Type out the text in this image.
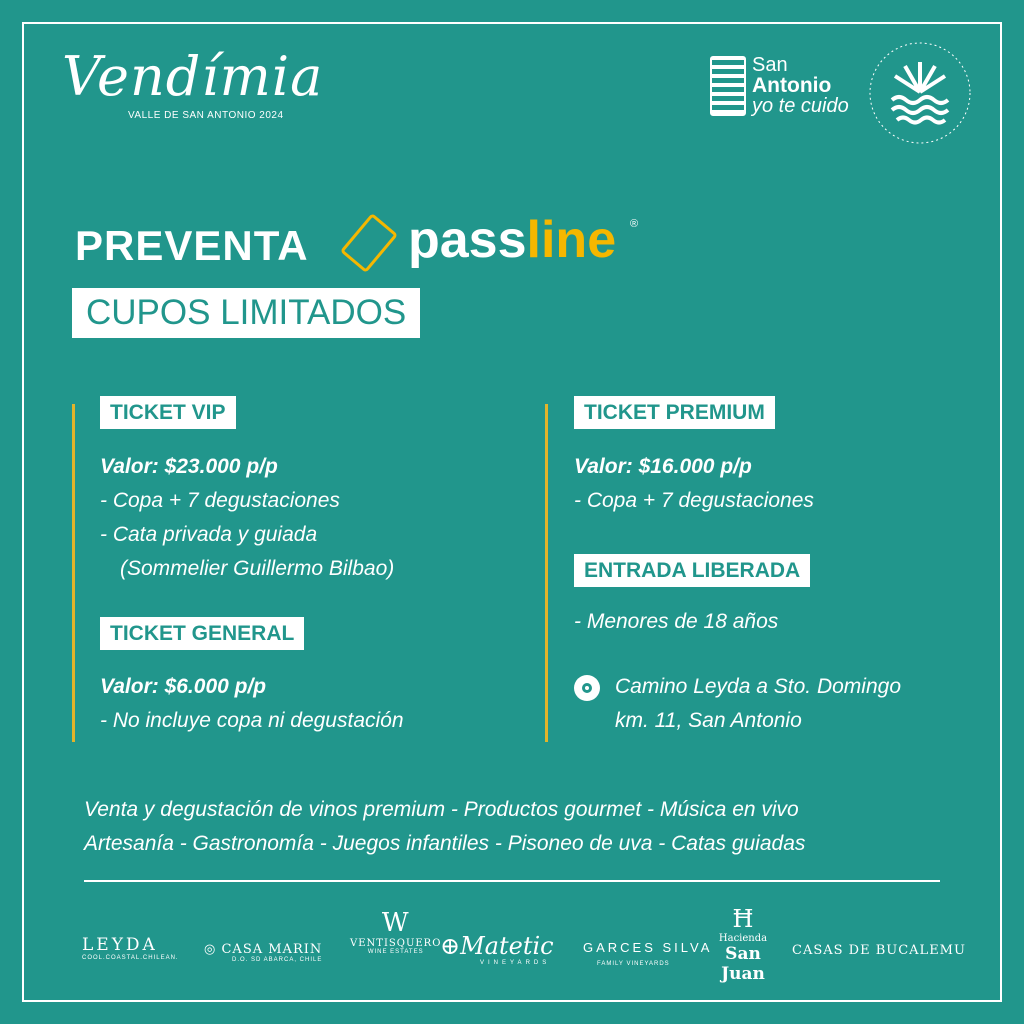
Vendímia
VALLE DE SAN ANTONIO 2024
San
Antonio
yo te cuido
PREVENTA passline ®
CUPOS LIMITADOS
TICKET VIP
Valor: $23.000 p/p
- Copa + 7 degustaciones
- Cata privada y guiada
(Sommelier Guillermo Bilbao)
TICKET GENERAL
Valor: $6.000 p/p
- No incluye copa ni degustación
TICKET PREMIUM
Valor: $16.000 p/p
- Copa + 7 degustaciones
ENTRADA LIBERADA
- Menores de 18 años
Camino Leyda a Sto. Domingo
km. 11, San Antonio
Venta y degustación de vinos premium - Productos gourmet - Música en vivo
Artesanía - Gastronomía - Juegos infantiles - Pisoneo de uva - Catas guiadas
LEYDA
COOL.COASTAL.CHILEAN.
◎ CASA MARIN
D.O. SD ABARCA, CHILE
W
VENTISQUERO
WINE ESTATES ⊕Matetic
VINEYARDS
GARCES SILVA
FAMILY VINEYARDS
Ħ
Hacienda
San Juan
CASAS DE BUCALEMU
